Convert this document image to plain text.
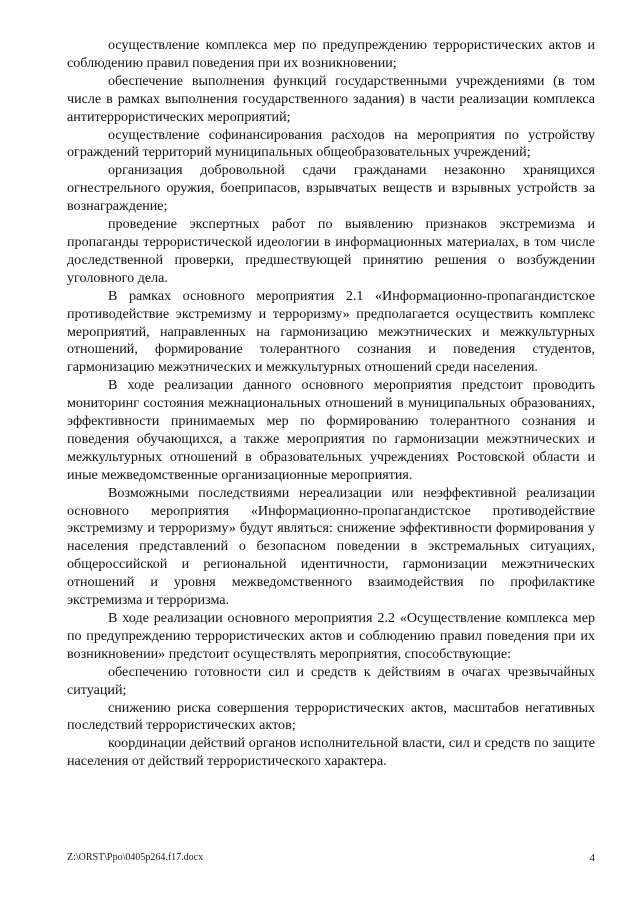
осуществление комплекса мер по предупреждению террористических актов и соблюдению правил поведения при их возникновении;

обеспечение выполнения функций государственными учреждениями (в том числе в рамках выполнения государственного задания) в части реализации комплекса антитеррористических мероприятий;

осуществление софинансирования расходов на мероприятия по устройству ограждений территорий муниципальных общеобразовательных учреждений;

организация добровольной сдачи гражданами незаконно хранящихся огнестрельного оружия, боеприпасов, взрывчатых веществ и взрывных устройств за вознаграждение;

проведение экспертных работ по выявлению признаков экстремизма и пропаганды террористической идеологии в информационных материалах, в том числе доследственной проверки, предшествующей принятию решения о возбуждении уголовного дела.

В рамках основного мероприятия 2.1 «Информационно-пропагандистское противодействие экстремизму и терроризму» предполагается осуществить комплекс мероприятий, направленных на гармонизацию межэтнических и межкультурных отношений, формирование толерантного сознания и поведения студентов, гармонизацию межэтнических и межкультурных отношений среди населения.

В ходе реализации данного основного мероприятия предстоит проводить мониторинг состояния межнациональных отношений в муниципальных образованиях, эффективности принимаемых мер по формированию толерантного сознания и поведения обучающихся, а также мероприятия по гармонизации межэтнических и межкультурных отношений в образовательных учреждениях Ростовской области и иные межведомственные организационные мероприятия.

Возможными последствиями нереализации или неэффективной реализации основного мероприятия «Информационно-пропагандистское противодействие экстремизму и терроризму» будут являться: снижение эффективности формирования у населения представлений о безопасном поведении в экстремальных ситуациях, общероссийской и региональной идентичности, гармонизации межэтнических отношений и уровня межведомственного взаимодействия по профилактике экстремизма и терроризма.

В ходе реализации основного мероприятия 2.2 «Осуществление комплекса мер по предупреждению террористических актов и соблюдению правил поведения при их возникновении» предстоит осуществлять мероприятия, способствующие:

обеспечению готовности сил и средств к действиям в очагах чрезвычайных ситуаций;

снижению риска совершения террористических актов, масштабов негативных последствий террористических актов;

координации действий органов исполнительной власти, сил и средств по защите населения от действий террористического характера.

Z:\ORST\Ppo\0405p264.f17.docx	4
